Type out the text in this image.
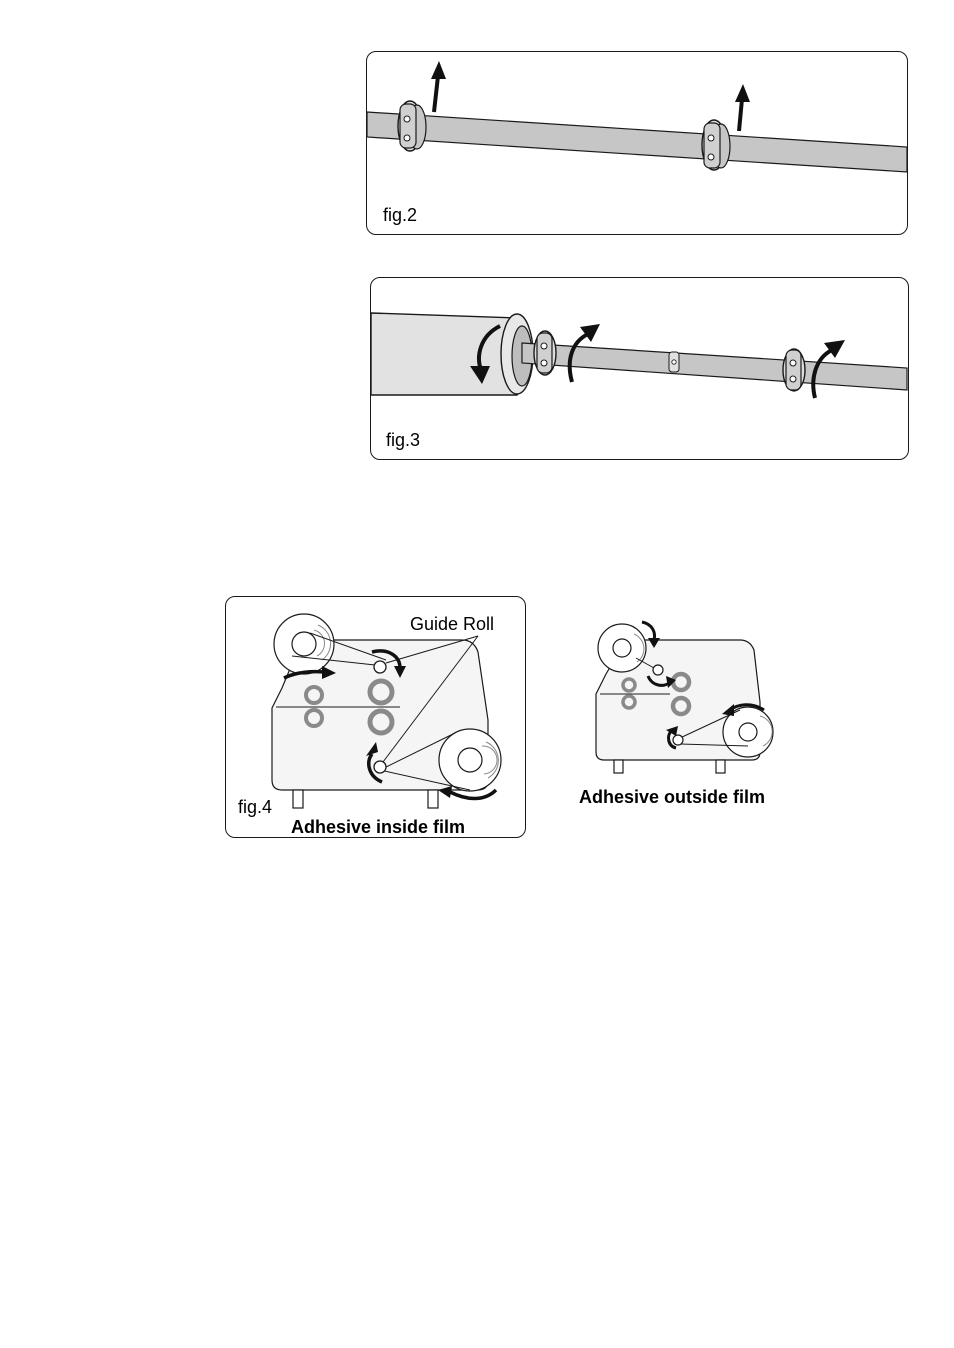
fig.2
fig.3
Guide Roll
fig.4
Adhesive inside film
Adhesive outside film
